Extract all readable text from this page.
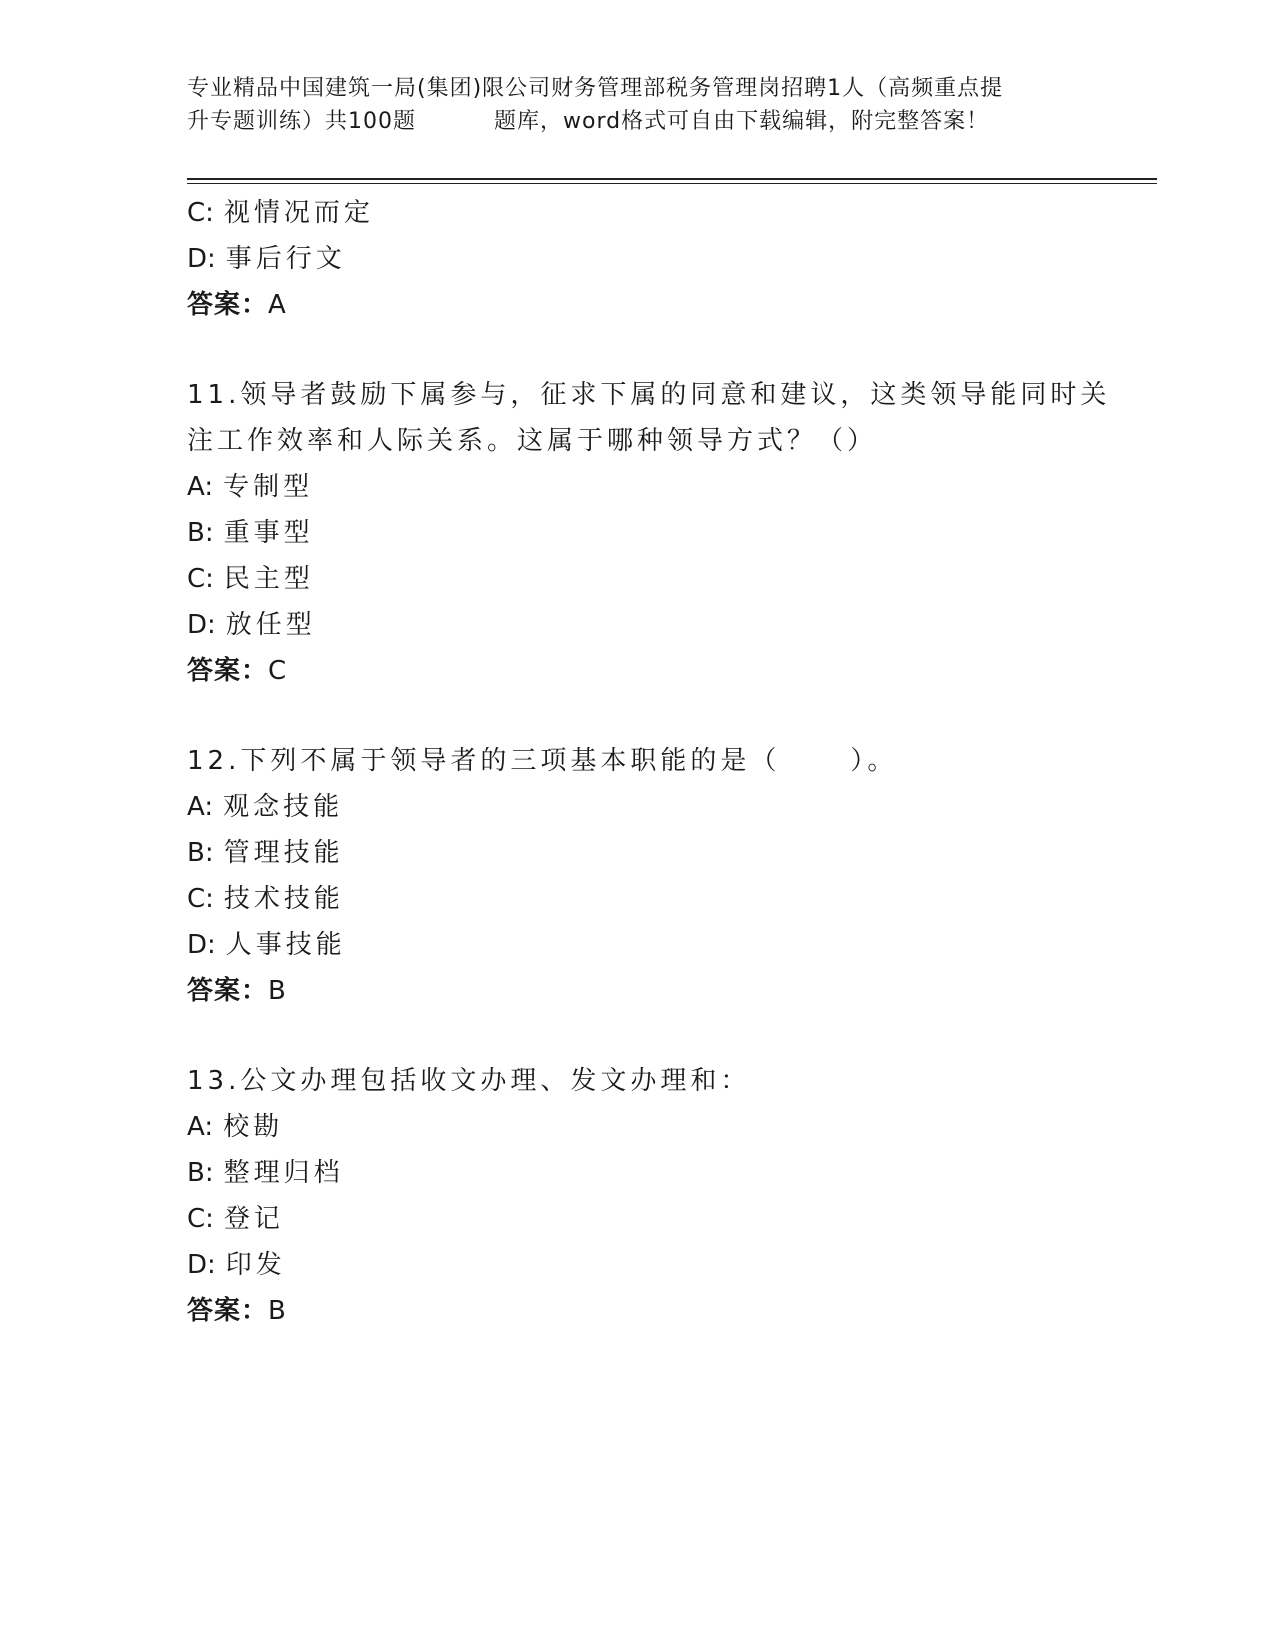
专业精品中国建筑一局(集团)限公司财务管理部税务管理岗招聘1人（高频重点提
升专题训练）共100题	题库，word格式可自由下载编辑，附完整答案！
C: 视情况而定
D: 事后行文
答案：A
11.领导者鼓励下属参与，征求下属的同意和建议，这类领导能同时关
注工作效率和人际关系。这属于哪种领导方式？（）
A: 专制型
B: 重事型
C: 民主型
D: 放任型
答案：C
12.下列不属于领导者的三项基本职能的是（	）。
A: 观念技能
B: 管理技能
C: 技术技能
D: 人事技能
答案：B
13.公文办理包括收文办理、发文办理和：
A: 校勘
B: 整理归档
C: 登记
D: 印发
答案：B
